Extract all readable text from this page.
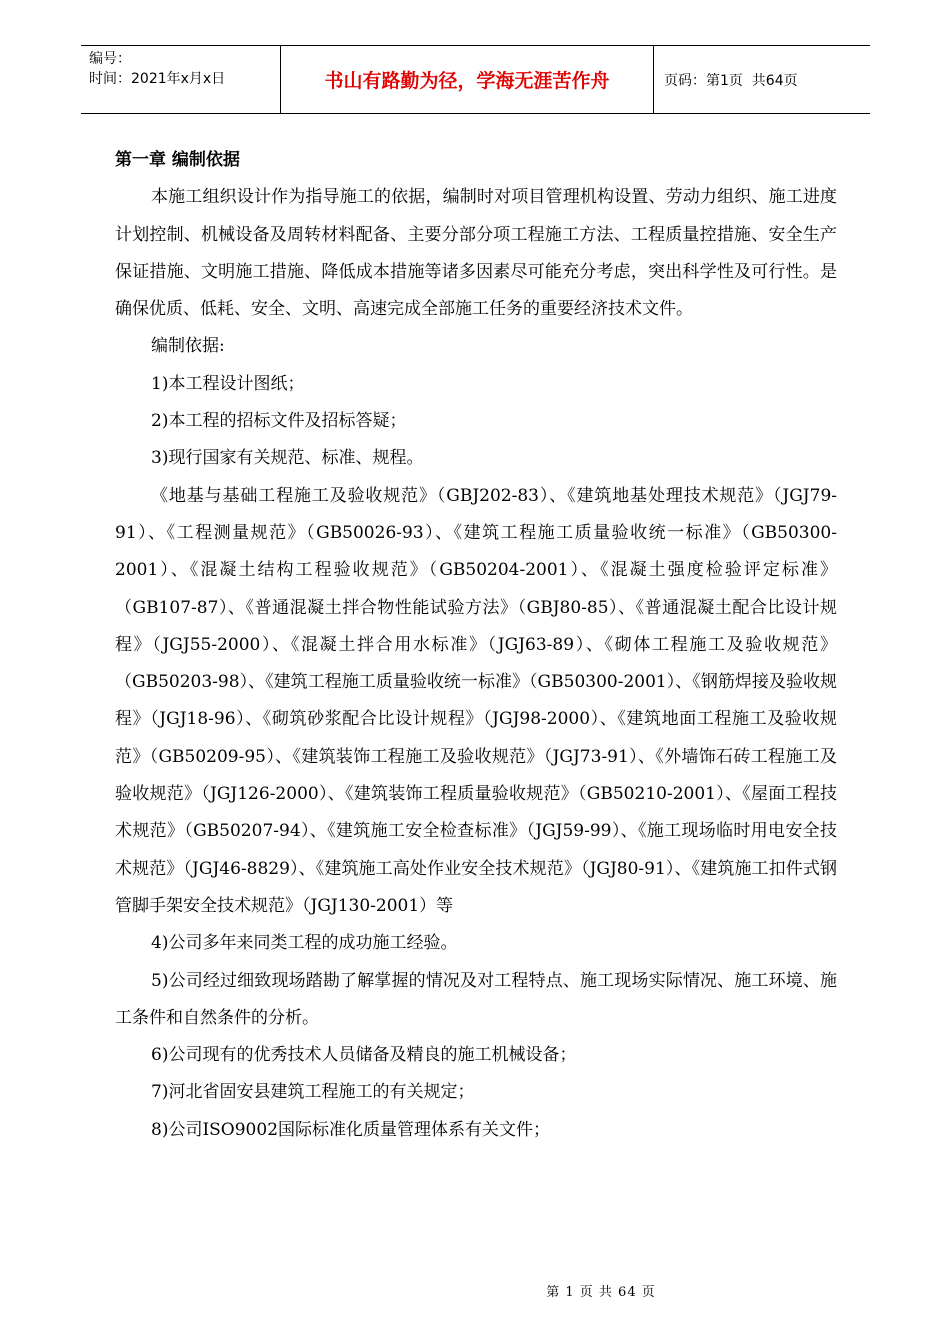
编号：
时间：2021年x月x日	书山有路勤为径，学海无涯苦作舟	页码：第1页  共64页

第一章 编制依据

本施工组织设计作为指导施工的依据，编制时对项目管理机构设置、劳动力组织、施工进度计划控制、机械设备及周转材料配备、主要分部分项工程施工方法、工程质量控措施、安全生产保证措施、文明施工措施、降低成本措施等诸多因素尽可能充分考虑，突出科学性及可行性。是确保优质、低耗、安全、文明、高速完成全部施工任务的重要经济技术文件。

编制依据:

1)本工程设计图纸；

2)本工程的招标文件及招标答疑；

3)现行国家有关规范、标准、规程。

《地基与基础工程施工及验收规范》（GBJ202-83）、《建筑地基处理技术规范》（JGJ79-91）、《工程测量规范》（GB50026-93）、《建筑工程施工质量验收统一标准》（GB50300-2001）、《混凝土结构工程验收规范》（GB50204-2001）、《混凝土强度检验评定标准》（GB107-87）、《普通混凝土拌合物性能试验方法》（GBJ80-85）、《普通混凝土配合比设计规程》（JGJ55-2000）、《混凝土拌合用水标准》（JGJ63-89）、《砌体工程施工及验收规范》（GB50203-98）、《建筑工程施工质量验收统一标准》（GB50300-2001）、《钢筋焊接及验收规程》（JGJ18-96）、《砌筑砂浆配合比设计规程》（JGJ98-2000）、《建筑地面工程施工及验收规范》（GB50209-95）、《建筑装饰工程施工及验收规范》（JGJ73-91）、《外墙饰石砖工程施工及验收规范》（JGJ126-2000）、《建筑装饰工程质量验收规范》（GB50210-2001）、《屋面工程技术规范》（GB50207-94）、《建筑施工安全检查标准》（JGJ59-99）、《施工现场临时用电安全技术规范》（JGJ46-8829）、《建筑施工高处作业安全技术规范》（JGJ80-91）、《建筑施工扣件式钢管脚手架安全技术规范》（JGJ130-2001）等

4)公司多年来同类工程的成功施工经验。

5)公司经过细致现场踏勘了解掌握的情况及对工程特点、施工现场实际情况、施工环境、施工条件和自然条件的分析。

6)公司现有的优秀技术人员储备及精良的施工机械设备；

7)河北省固安县建筑工程施工的有关规定；

8)公司ISO9002国际标准化质量管理体系有关文件；

第 1 页 共 64 页
